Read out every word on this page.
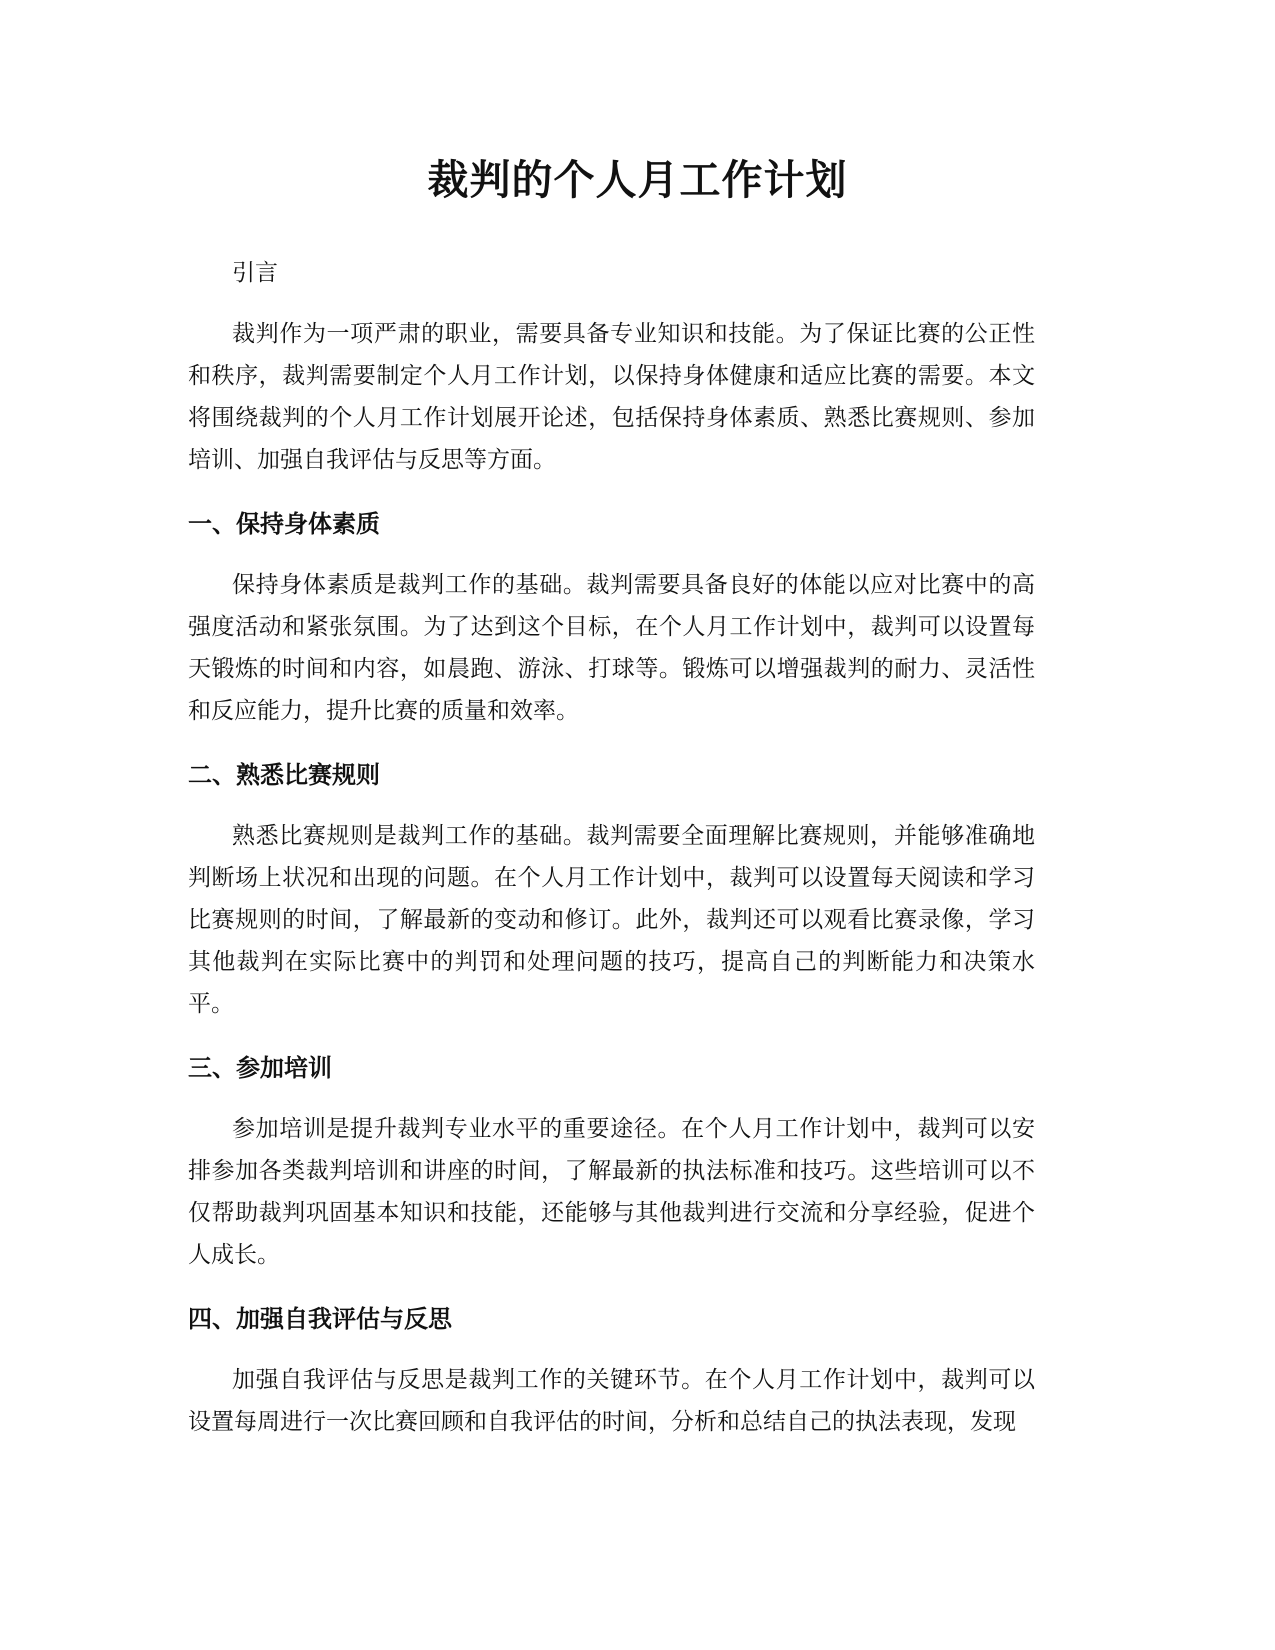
裁判的个人月工作计划

引言

裁判作为一项严肃的职业，需要具备专业知识和技能。为了保证比赛的公正性和秩序，裁判需要制定个人月工作计划，以保持身体健康和适应比赛的需要。本文将围绕裁判的个人月工作计划展开论述，包括保持身体素质、熟悉比赛规则、参加培训、加强自我评估与反思等方面。

一、保持身体素质

保持身体素质是裁判工作的基础。裁判需要具备良好的体能以应对比赛中的高强度活动和紧张氛围。为了达到这个目标，在个人月工作计划中，裁判可以设置每天锻炼的时间和内容，如晨跑、游泳、打球等。锻炼可以增强裁判的耐力、灵活性和反应能力，提升比赛的质量和效率。

二、熟悉比赛规则

熟悉比赛规则是裁判工作的基础。裁判需要全面理解比赛规则，并能够准确地判断场上状况和出现的问题。在个人月工作计划中，裁判可以设置每天阅读和学习比赛规则的时间，了解最新的变动和修订。此外，裁判还可以观看比赛录像，学习其他裁判在实际比赛中的判罚和处理问题的技巧，提高自己的判断能力和决策水平。

三、参加培训

参加培训是提升裁判专业水平的重要途径。在个人月工作计划中，裁判可以安排参加各类裁判培训和讲座的时间，了解最新的执法标准和技巧。这些培训可以不仅帮助裁判巩固基本知识和技能，还能够与其他裁判进行交流和分享经验，促进个人成长。

四、加强自我评估与反思

加强自我评估与反思是裁判工作的关键环节。在个人月工作计划中，裁判可以设置每周进行一次比赛回顾和自我评估的时间，分析和总结自己的执法表现，发现
